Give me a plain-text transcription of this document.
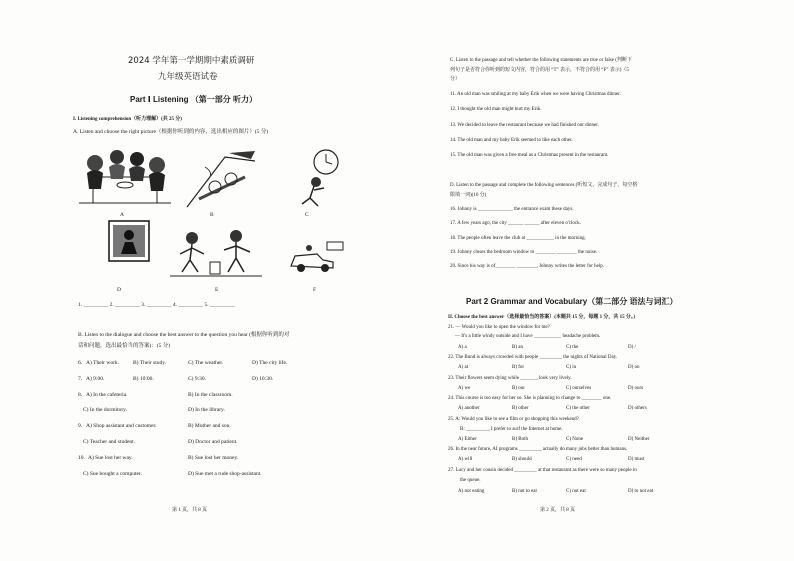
2024 学年第一学期期中素质调研
九年级英语试卷
Part Ⅰ Listening （第一部分 听力）
I. Listening comprehension（听力理解）(共 25 分)
A. Listen and choose the right picture（根据你听到的内容，选出相应的图片）(5 分)
A	B	C
D	E	F
1. _________ 2. _________ 3. _________ 4. _________ 5. _________
B. Listen to the dialogue and choose the best answer to the question you hear (根据你听到的对
话和问题，选出最恰当的答案)：(5 分)
6. A) Their work.	B) Their study.	C) The weather.	D) The city life.
7. A) 9:00.	B) 10:00.	C) 9:30.	D) 10:30.
8. A) In the cafeteria.	B) In the classroom.
C) In the dormitory.	D) In the library.
9. A) Shop assistant and customer.	B) Mother and son.
C) Teacher and student.	D) Doctor and patient.
10. A) Sue lost her way.	B) Sue lost her money.
C) Sue bought a computer.	D) Sue met a rude shop-assistant.
第 1 页，共 8 页
C. Listen to the passage and tell whether the following statements are true or false (判断下
列句子是否符合你听到的短文内容，符合的用 “T” 表示，不符合的用 “F” 表示)（5
分）
11. An old man was smiling at my baby Erik when we were having Christmas dinner.
12. I thought the old man might hurt my Erik.
13. We decided to leave the restaurant because we had finished our dinner.
14. The old man and my baby Erik seemed to like each other.
15. The old man was given a free meal as a Christmas present in the restaurant.
D. Listen to the passage and complete the following sentences (听短文，完成句子，每空格
限填一词)(10 分)
16. Johnny is ______________ the entrance exam these days.
17. A few years ago, the city ______ ______ after eleven o'clock.
18. The people often leave the club at ___________ in the morning.
19. Johnny closes the bedroom window to ________ ________ the noise.
20. Since his way is of________ ________, Johnny writes the letter for help.
Part 2 Grammar and Vocabulary（第二部分 语法与词汇）
II. Choose the best answer（选择最恰当的答案）(本题共 15 分，每题 1 分，共 15 分。)
21. — Would you like to open the window for me?
— It's a little windy outside and I have ___________ headache problem.
A) a	B) an	C) the	D) /
22. The Bund is always crowded with people _________ the nights of National Day.
A) at	B) for	C) in	D) on
23. Their flowers seem dying while _______ look very lively.
A) we	B) our	C) ourselves	D) ours
24. This course is too easy for her so. She is planning to change to ________ one.
A) another	B) other	C) the other	D) others
25. A: Would you like to see a film or go shopping this weekend?
B: _________, I prefer to surf the Internet at home.
A) Either	B) Both	C) None	D) Neither
26. In the near future, AI programs _________ actually do many jobs better than humans.
A) will	B) should	C) need	D) must
27. Lucy and her cousin decided _________ at that restaurant as there were so many people in
the queue.
A) not eating	B) not to eat	C) not eat	D) to not eat
第 2 页，共 8 页
